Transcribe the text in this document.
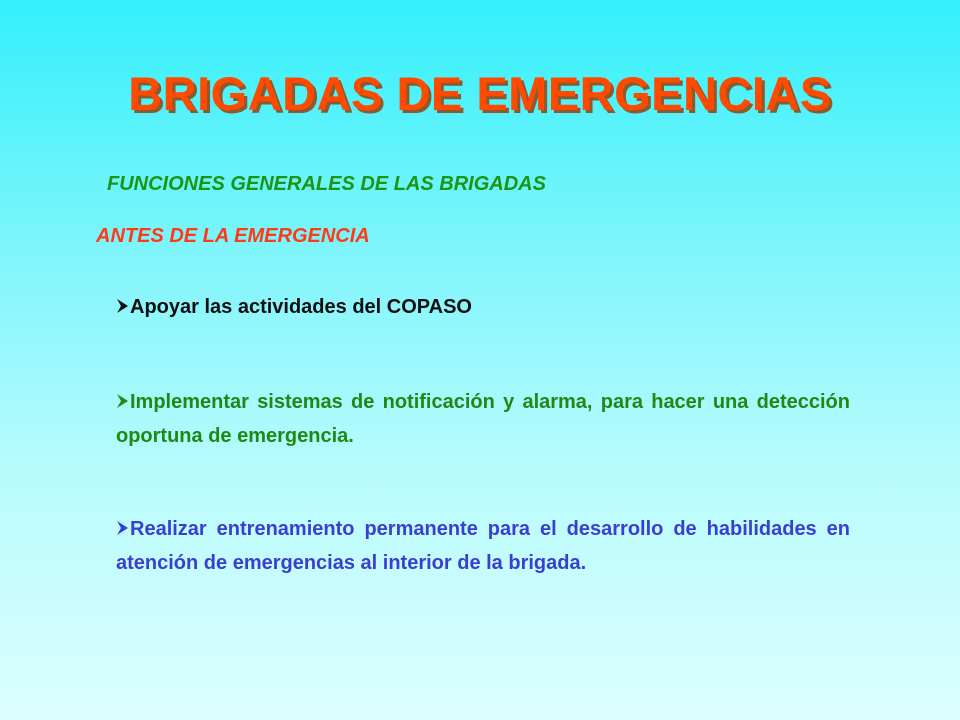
BRIGADAS DE EMERGENCIAS
FUNCIONES GENERALES DE LAS BRIGADAS
ANTES DE LA EMERGENCIA
Apoyar las actividades del COPASO
Implementar sistemas de notificación y alarma, para hacer una detección oportuna de emergencia.
Realizar entrenamiento permanente para el desarrollo de habilidades en atención de emergencias al interior de la brigada.
